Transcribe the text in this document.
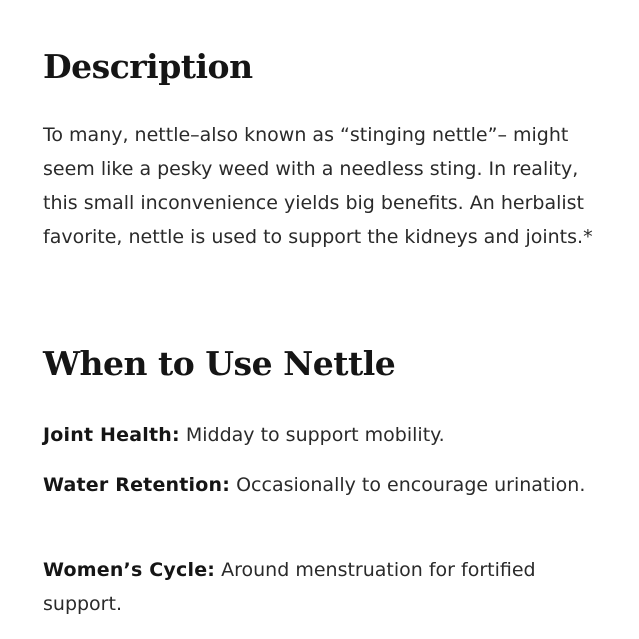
Description

To many, nettle–also known as “stinging nettle”– might seem like a pesky weed with a needless sting. In reality, this small inconvenience yields big benefits. An herbalist favorite, nettle is used to support the kidneys and joints.*

When to Use Nettle

Joint Health: Midday to support mobility.

Water Retention: Occasionally to encourage urination.

Women’s Cycle: Around menstruation for fortified support.
